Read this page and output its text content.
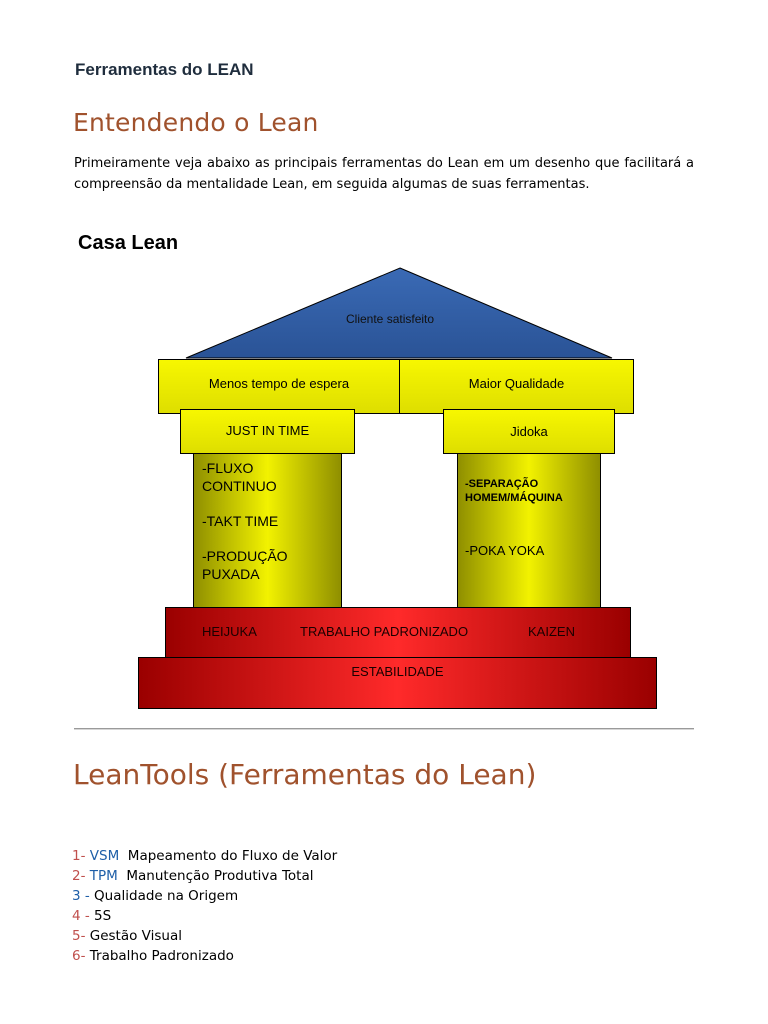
Ferramentas do LEAN
Entendendo o Lean
Primeiramente veja abaixo as principais ferramentas do Lean em um desenho que facilitará a compreensão da mentalidade Lean, em seguida algumas de suas ferramentas.
Casa Lean
Cliente satisfeito
Menos tempo de espera	Maior Qualidade
JUST IN TIME	Jidoka
-FLUXO
CONTINUO
-TAKT TIME
-PRODUÇÃO
PUXADA
-SEPARAÇÃO
HOMEM/MÁQUINA
-POKA YOKA
HEIJUKA	TRABALHO PADRONIZADO	KAIZEN
ESTABILIDADE
LeanTools (Ferramentas do Lean)
1- VSM  Mapeamento do Fluxo de Valor
2- TPM  Manutenção Produtiva Total
3 - Qualidade na Origem
4 - 5S
5- Gestão Visual
6- Trabalho Padronizado
